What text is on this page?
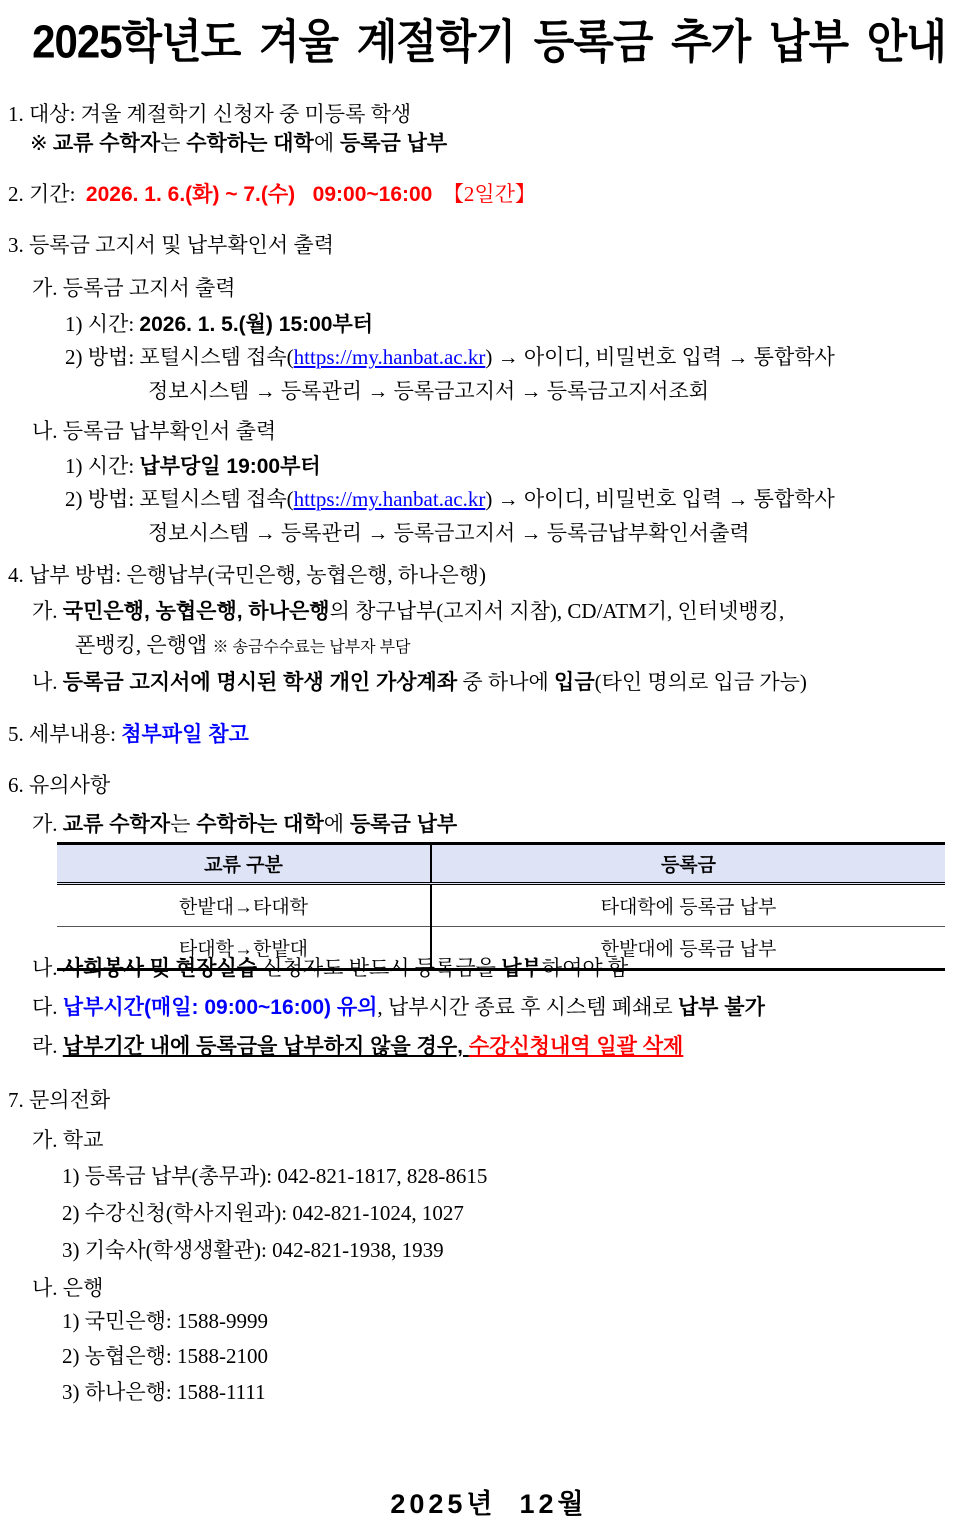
2025학년도 겨울 계절학기 등록금 추가 납부 안내
1. 대상: 겨울 계절학기 신청자 중 미등록 학생
※ 교류 수학자는 수학하는 대학에 등록금 납부
2. 기간:  2026. 1. 6.(화) ~ 7.(수)   09:00~16:00  【2일간】
3. 등록금 고지서 및 납부확인서 출력
가. 등록금 고지서 출력
1) 시간: 2026. 1. 5.(월) 15:00부터
2) 방법: 포털시스템 접속(https://my.hanbat.ac.kr) → 아이디, 비밀번호 입력 → 통합학사
정보시스템 → 등록관리 → 등록금고지서 → 등록금고지서조회
나. 등록금 납부확인서 출력
1) 시간: 납부당일 19:00부터
2) 방법: 포털시스템 접속(https://my.hanbat.ac.kr) → 아이디, 비밀번호 입력 → 통합학사
정보시스템 → 등록관리 → 등록금고지서 → 등록금납부확인서출력
4. 납부 방법: 은행납부(국민은행, 농협은행, 하나은행)
가. 국민은행, 농협은행, 하나은행의 창구납부(고지서 지참), CD/ATM기, 인터넷뱅킹,
폰뱅킹, 은행앱 ※ 송금수수료는 납부자 부담
나. 등록금 고지서에 명시된 학생 개인 가상계좌 중 하나에 입금(타인 명의로 입금 가능)
5. 세부내용: 첨부파일 참고
6. 유의사항
가. 교류 수학자는 수학하는 대학에 등록금 납부
교류 구분	등록금
한밭대→타대학	타대학에 등록금 납부
타대학→한밭대	한밭대에 등록금 납부
나. 사회봉사 및 현장실습 신청자도 반드시 등록금을 납부하여야 함
다. 납부시간(매일: 09:00~16:00) 유의, 납부시간 종료 후 시스템 폐쇄로 납부 불가
라. 납부기간 내에 등록금을 납부하지 않을 경우, 수강신청내역 일괄 삭제
7. 문의전화
가. 학교
1) 등록금 납부(총무과): 042-821-1817, 828-8615
2) 수강신청(학사지원과): 042-821-1024, 1027
3) 기숙사(학생생활관): 042-821-1938, 1939
나. 은행
1) 국민은행: 1588-9999
2) 농협은행: 1588-2100
3) 하나은행: 1588-1111
2025년  12월
